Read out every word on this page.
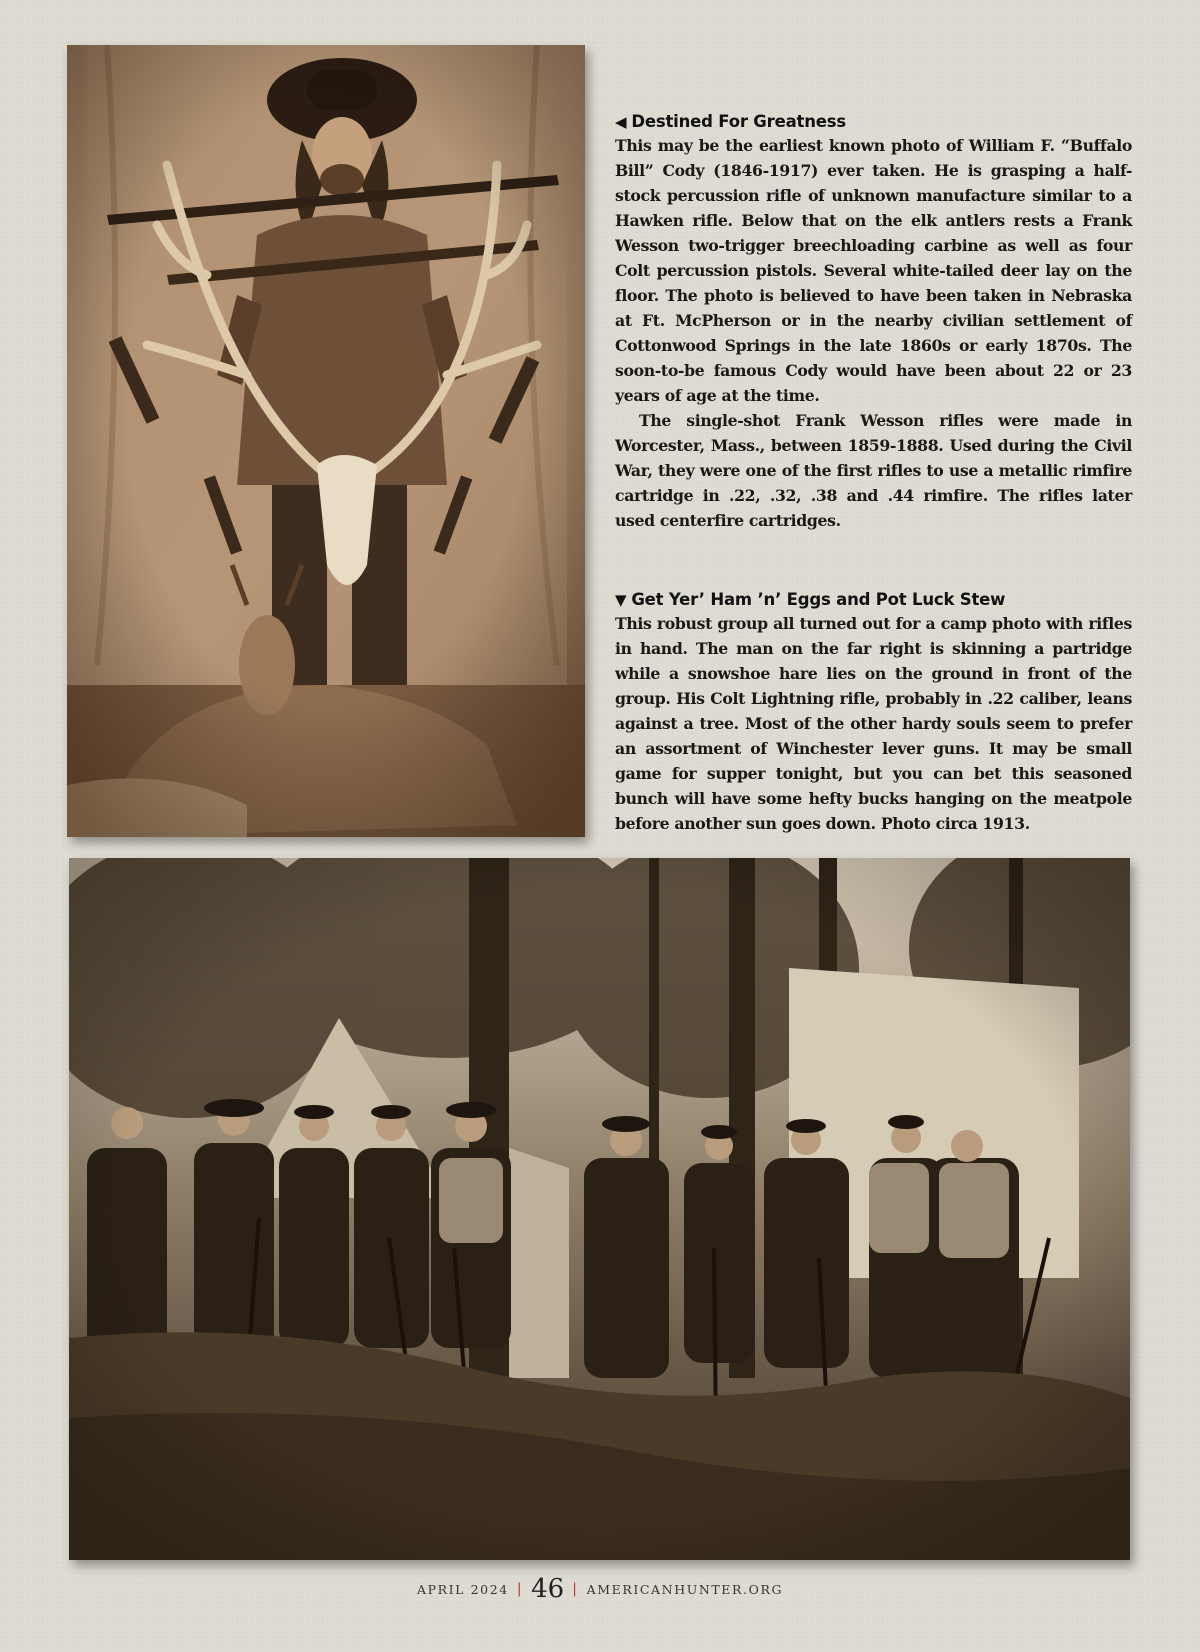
◀ Destined For Greatness

This may be the earliest known photo of William F. “Buffalo Bill” Cody (1846-1917) ever taken. He is grasping a half-stock percussion rifle of unknown manufacture similar to a Hawken rifle. Below that on the elk antlers rests a Frank Wesson two-trigger breechloading carbine as well as four Colt percussion pistols. Several white-tailed deer lay on the floor. The photo is believed to have been taken in Nebraska at Ft. McPherson or in the nearby civilian settlement of Cottonwood Springs in the late 1860s or early 1870s. The soon-to-be famous Cody would have been about 22 or 23 years of age at the time.

The single-shot Frank Wesson rifles were made in Worcester, Mass., between 1859-1888. Used during the Civil War, they were one of the first rifles to use a metallic rimfire cartridge in .22, .32, .38 and .44 rimfire. The rifles later used centerfire cartridges.

▼ Get Yer’ Ham ’n’ Eggs and Pot Luck Stew

This robust group all turned out for a camp photo with rifles in hand. The man on the far right is skinning a partridge while a snowshoe hare lies on the ground in front of the group. His Colt Lightning rifle, probably in .22 caliber, leans against a tree. Most of the other hardy souls seem to prefer an assortment of Winchester lever guns. It may be small game for supper tonight, but you can bet this seasoned bunch will have some hefty bucks hanging on the meatpole before another sun goes down. Photo circa 1913.

APRIL 2024 | 46 | AMERICANHUNTER.ORG
